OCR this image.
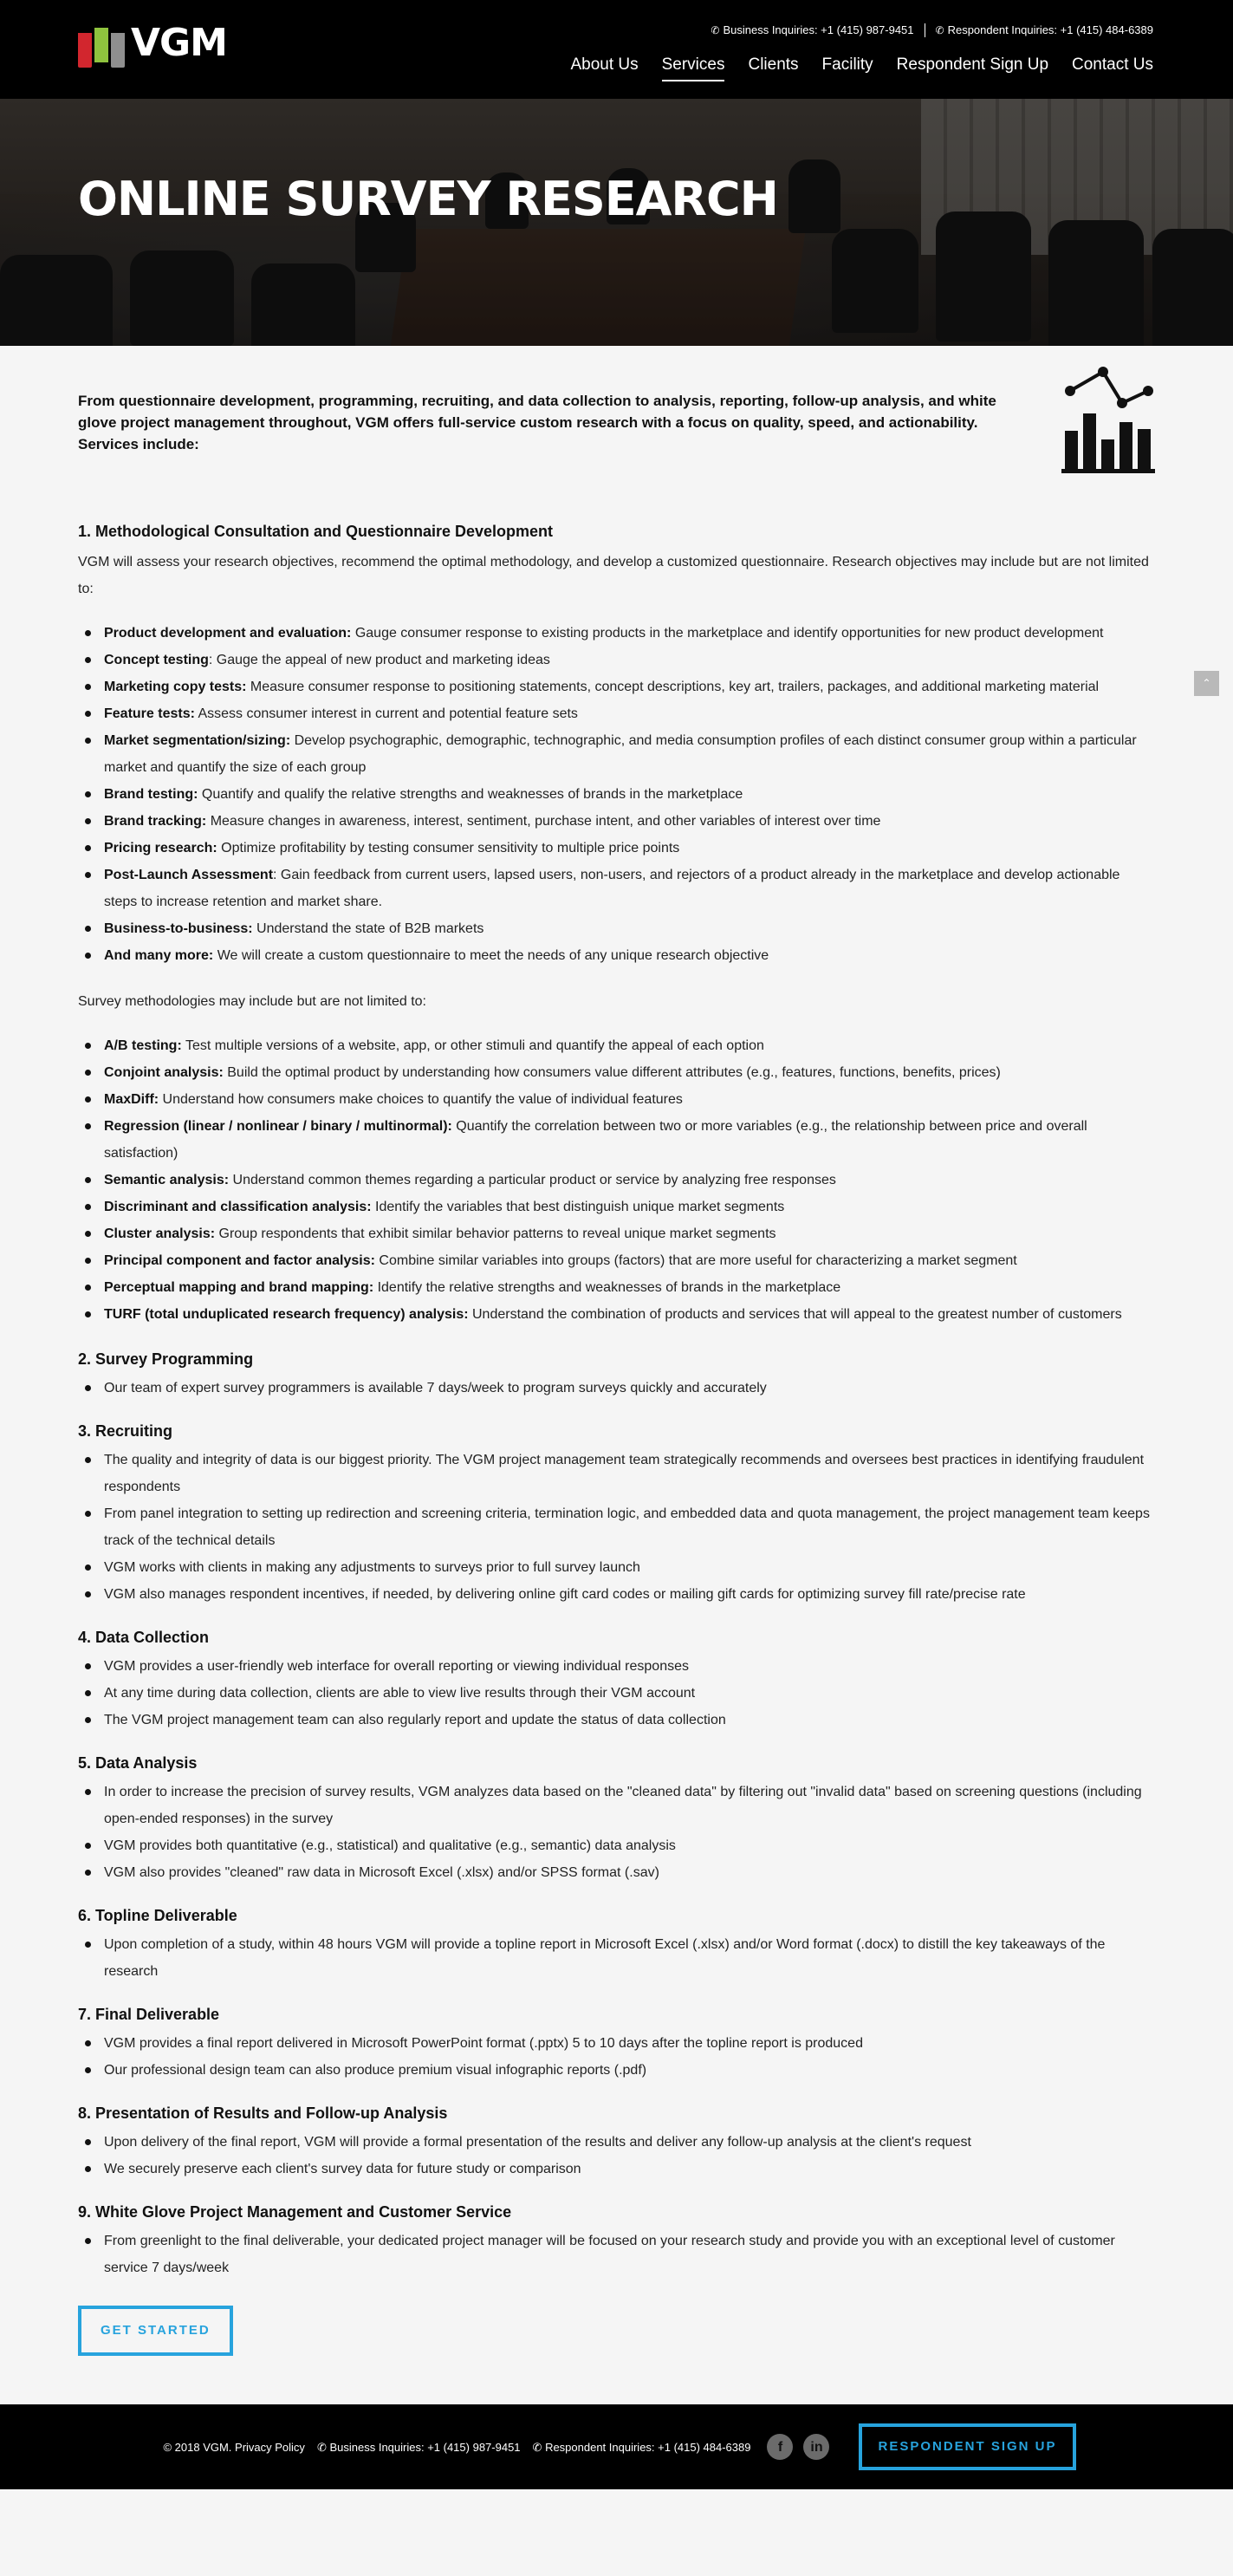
VGM	✆ Business Inquiries: +1 (415) 987-9451 ✆ Respondent Inquiries: +1 (415) 484-6389
About Us Services Clients Facility Respondent Sign Up Contact Us
ONLINE SURVEY RESEARCH
⌃

From questionnaire development, programming, recruiting, and data collection to analysis, reporting, follow-up analysis, and white glove project management throughout, VGM offers full-service custom research with a focus on quality, speed, and actionability. Services include:

1. Methodological Consultation and Questionnaire Development

VGM will assess your research objectives, recommend the optimal methodology, and develop a customized questionnaire. Research objectives may include but are not limited to:

Product development and evaluation: Gauge consumer response to existing products in the marketplace and identify opportunities for new product development
Concept testing: Gauge the appeal of new product and marketing ideas
Marketing copy tests: Measure consumer response to positioning statements, concept descriptions, key art, trailers, packages, and additional marketing material
Feature tests: Assess consumer interest in current and potential feature sets
Market segmentation/sizing: Develop psychographic, demographic, technographic, and media consumption profiles of each distinct consumer group within a particular market and quantify the size of each group
Brand testing: Quantify and qualify the relative strengths and weaknesses of brands in the marketplace
Brand tracking: Measure changes in awareness, interest, sentiment, purchase intent, and other variables of interest over time
Pricing research: Optimize profitability by testing consumer sensitivity to multiple price points
Post-Launch Assessment: Gain feedback from current users, lapsed users, non-users, and rejectors of a product already in the marketplace and develop actionable steps to increase retention and market share.
Business-to-business: Understand the state of B2B markets
And many more: We will create a custom questionnaire to meet the needs of any unique research objective

Survey methodologies may include but are not limited to:

A/B testing: Test multiple versions of a website, app, or other stimuli and quantify the appeal of each option
Conjoint analysis: Build the optimal product by understanding how consumers value different attributes (e.g., features, functions, benefits, prices)
MaxDiff: Understand how consumers make choices to quantify the value of individual features
Regression (linear / nonlinear / binary / multinormal): Quantify the correlation between two or more variables (e.g., the relationship between price and overall satisfaction)
Semantic analysis: Understand common themes regarding a particular product or service by analyzing free responses
Discriminant and classification analysis: Identify the variables that best distinguish unique market segments
Cluster analysis: Group respondents that exhibit similar behavior patterns to reveal unique market segments
Principal component and factor analysis: Combine similar variables into groups (factors) that are more useful for characterizing a market segment
Perceptual mapping and brand mapping: Identify the relative strengths and weaknesses of brands in the marketplace
TURF (total unduplicated research frequency) analysis: Understand the combination of products and services that will appeal to the greatest number of customers
2. Survey Programming
Our team of expert survey programmers is available 7 days/week to program surveys quickly and accurately
3. Recruiting
The quality and integrity of data is our biggest priority. The VGM project management team strategically recommends and oversees best practices in identifying fraudulent respondents
From panel integration to setting up redirection and screening criteria, termination logic, and embedded data and quota management, the project management team keeps track of the technical details
VGM works with clients in making any adjustments to surveys prior to full survey launch
VGM also manages respondent incentives, if needed, by delivering online gift card codes or mailing gift cards for optimizing survey fill rate/precise rate
4. Data Collection
VGM provides a user-friendly web interface for overall reporting or viewing individual responses
At any time during data collection, clients are able to view live results through their VGM account
The VGM project management team can also regularly report and update the status of data collection
5. Data Analysis
In order to increase the precision of survey results, VGM analyzes data based on the "cleaned data" by filtering out "invalid data" based on screening questions (including open-ended responses) in the survey
VGM provides both quantitative (e.g., statistical) and qualitative (e.g., semantic) data analysis
VGM also provides "cleaned" raw data in Microsoft Excel (.xlsx) and/or SPSS format (.sav)
6. Topline Deliverable
Upon completion of a study, within 48 hours VGM will provide a topline report in Microsoft Excel (.xlsx) and/or Word format (.docx) to distill the key takeaways of the research
7. Final Deliverable
VGM provides a final report delivered in Microsoft PowerPoint format (.pptx) 5 to 10 days after the topline report is produced
Our professional design team can also produce premium visual infographic reports (.pdf)
8. Presentation of Results and Follow-up Analysis
Upon delivery of the final report, VGM will provide a formal presentation of the results and deliver any follow-up analysis at the client's request
We securely preserve each client's survey data for future study or comparison
9. White Glove Project Management and Customer Service
From greenlight to the final deliverable, your dedicated project manager will be focused on your research study and provide you with an exceptional level of customer service 7 days/week
GET STARTED
© 2018 VGM. Privacy Policy ✆ Business Inquiries: +1 (415) 987-9451 ✆ Respondent Inquiries: +1 (415) 484-6389	f	in	RESPONDENT SIGN UP
